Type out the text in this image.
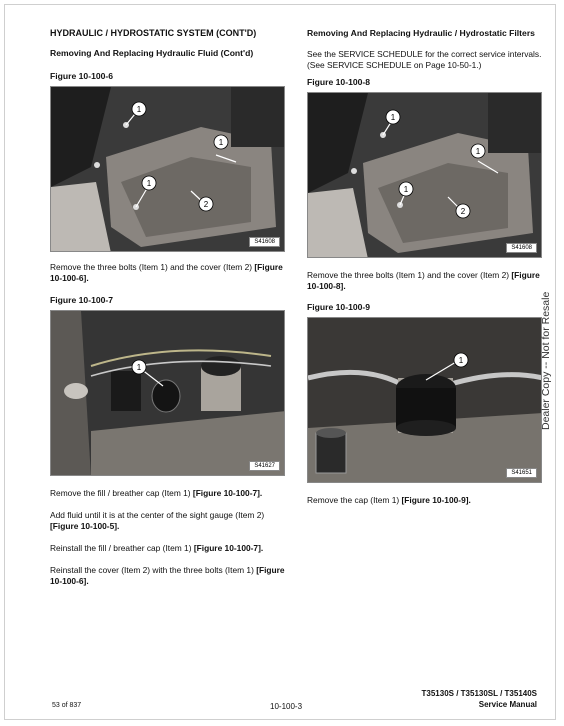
HYDRAULIC / HYDROSTATIC SYSTEM (CONT'D)
Removing And Replacing Hydraulic Fluid (Cont'd)
Figure 10-100-6
1
1
1
2
S41608

Remove the three bolts (Item 1) and the cover (Item 2) [Figure 10-100-6].

Figure 10-100-7
1
S41627

Remove the fill / breather cap (Item 1) [Figure 10-100-7].

Add fluid until it is at the center of the sight gauge (Item 2) [Figure 10-100-5].

Reinstall the fill / breather cap (Item 1) [Figure 10-100-7].

Reinstall the cover (Item 2) with the three bolts (Item 1) [Figure 10-100-6].

Removing And Replacing Hydraulic / Hydrostatic Filters

See the SERVICE SCHEDULE for the correct service intervals. (See SERVICE SCHEDULE on Page 10-50-1.)

Figure 10-100-8
1
1
1
2
S41608

Remove the three bolts (Item 1) and the cover (Item 2) [Figure 10-100-8].

Figure 10-100-9
1
S41651

Remove the cap (Item 1) [Figure 10-100-9].

Dealer Copy -- Not for Resale
53 of 837	10-100-3
T35130S / T35130SL / T35140S
Service Manual
